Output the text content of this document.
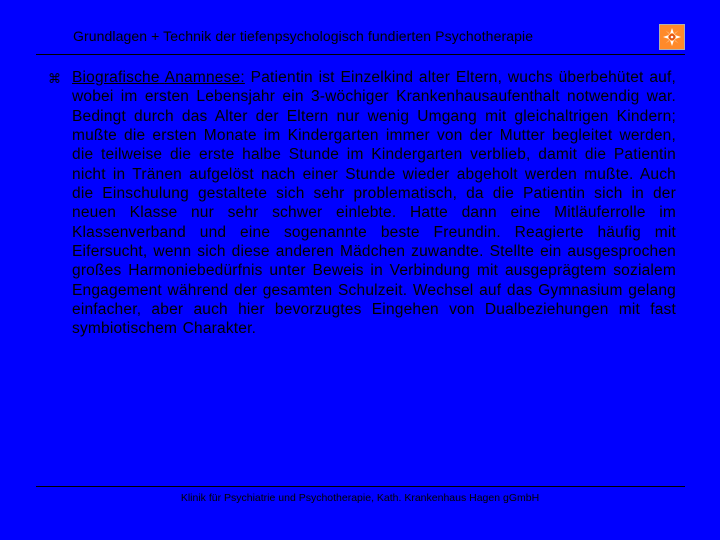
Grundlagen + Technik der tiefenpsychologisch fundierten Psychotherapie
⌘ Biografische Anamnese: Patientin ist Einzelkind alter Eltern, wuchs überbehütet auf, wobei im ersten Lebensjahr ein 3-wöchiger Krankenhausaufenthalt notwendig war. Bedingt durch das Alter der Eltern nur wenig Umgang mit gleichaltrigen Kindern; mußte die ersten Monate im Kindergarten immer von der Mutter begleitet werden, die teilweise die erste halbe Stunde im Kindergarten verblieb, damit die Patientin nicht in Tränen aufgelöst nach einer Stunde wieder abgeholt werden mußte. Auch die Einschulung gestaltete sich sehr problematisch, da die Patientin sich in der neuen Klasse nur sehr schwer einlebte. Hatte dann eine Mitläuferrolle im Klassenverband und eine sogenannte beste Freundin. Reagierte häufig mit Eifersucht, wenn sich diese anderen Mädchen zuwandte. Stellte ein ausgesprochen großes Harmoniebedürfnis unter Beweis in Verbindung mit ausgeprägtem sozialem Engagement während der gesamten Schulzeit. Wechsel auf das Gymnasium gelang einfacher, aber auch hier bevorzugtes Eingehen von Dualbeziehungen mit fast symbiotischem Charakter.
Klinik für Psychiatrie und Psychotherapie, Kath. Krankenhaus Hagen gGmbH
